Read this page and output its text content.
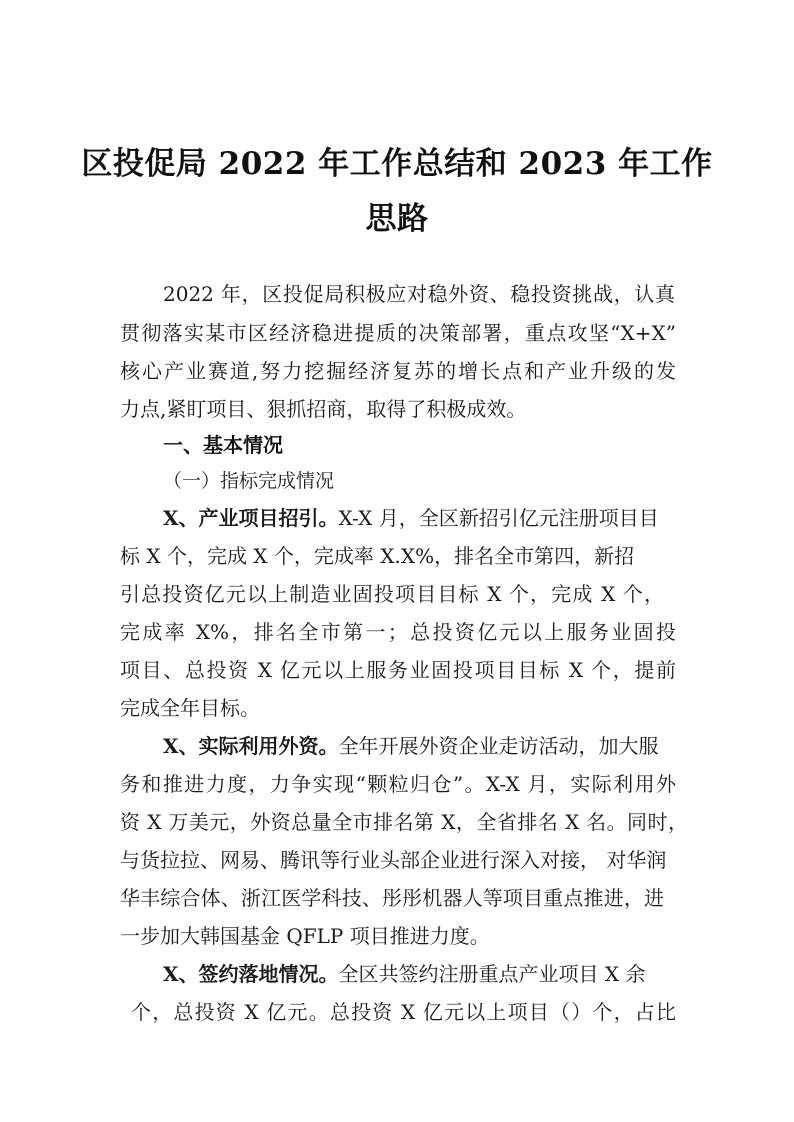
区投促局 2022 年工作总结和 2023 年工作
思路
2022 年，区投促局积极应对稳外资、稳投资挑战，认真
贯彻落实某市区经济稳进提质的决策部署，重点攻坚“X+X”
核心产业赛道,努力挖掘经济复苏的增长点和产业升级的发
力点,紧盯项目、狠抓招商，取得了积极成效。
一、基本情况
（一）指标完成情况
X、产业项目招引。X-X 月，全区新招引亿元注册项目目
标 X 个，完成 X 个，完成率 X.X%，排名全市第四，新招
引总投资亿元以上制造业固投项目目标 X 个，完成 X 个，
完成率 X%，排名全市第一；总投资亿元以上服务业固投
项目、总投资 X 亿元以上服务业固投项目目标 X 个，提前
完成全年目标。
X、实际利用外资。全年开展外资企业走访活动，加大服
务和推进力度，力争实现“颗粒归仓”。X-X 月，实际利用外
资 X 万美元，外资总量全市排名第 X，全省排名 X 名。同时，
与货拉拉、网易、腾讯等行业头部企业进行深入对接， 对华润
华丰综合体、浙江医学科技、彤彤机器人等项目重点推进，进
一步加大韩国基金 QFLP 项目推进力度。
X、签约落地情况。全区共签约注册重点产业项目 X 余
个，总投资 X 亿元。总投资 X 亿元以上项目（）个，占比
